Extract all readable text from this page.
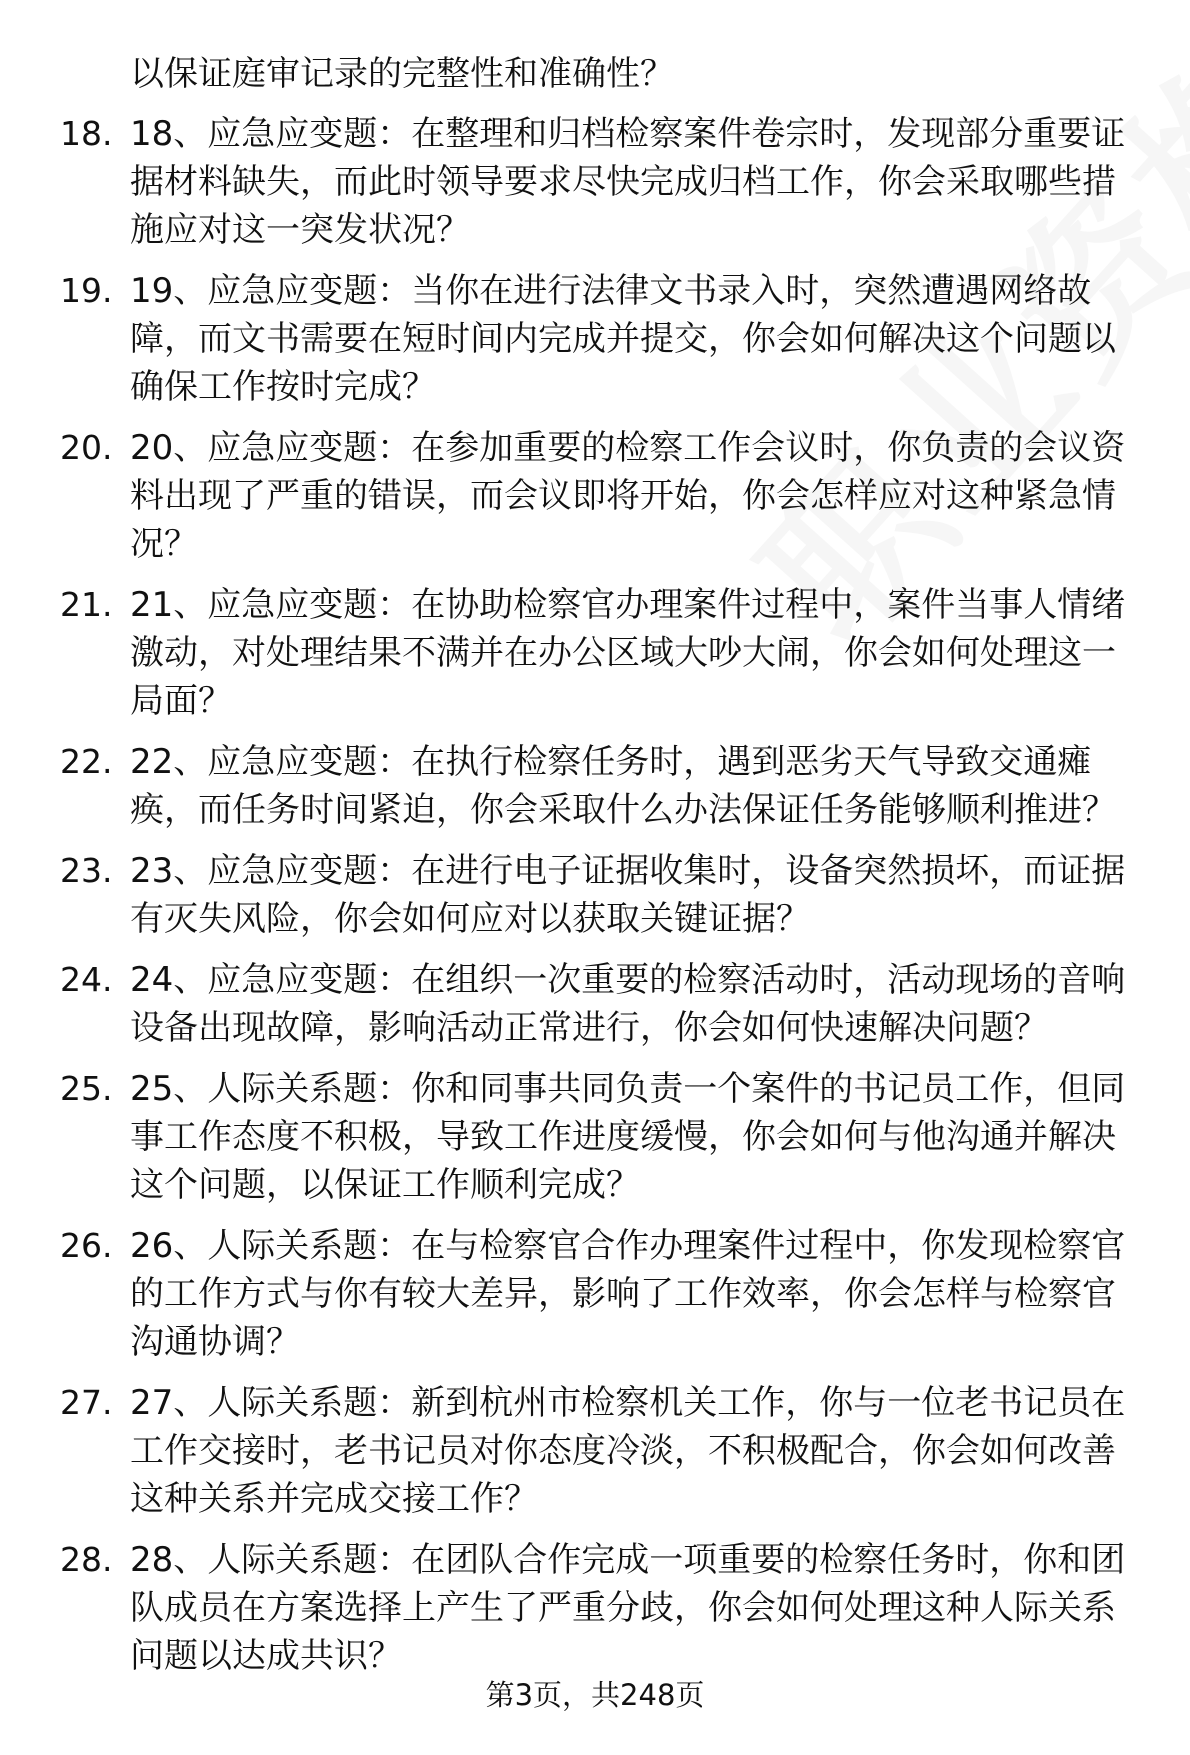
以保证庭审记录的完整性和准确性？
18. 18、应急应变题：在整理和归档检察案件卷宗时，发现部分重要证据材料缺失，而此时领导要求尽快完成归档工作，你会采取哪些措施应对这一突发状况？
19. 19、应急应变题：当你在进行法律文书录入时，突然遭遇网络故障，而文书需要在短时间内完成并提交，你会如何解决这个问题以确保工作按时完成？
20. 20、应急应变题：在参加重要的检察工作会议时，你负责的会议资料出现了严重的错误，而会议即将开始，你会怎样应对这种紧急情况？
21. 21、应急应变题：在协助检察官办理案件过程中，案件当事人情绪激动，对处理结果不满并在办公区域大吵大闹，你会如何处理这一局面？
22. 22、应急应变题：在执行检察任务时，遇到恶劣天气导致交通瘫痪，而任务时间紧迫，你会采取什么办法保证任务能够顺利推进？
23. 23、应急应变题：在进行电子证据收集时，设备突然损坏，而证据有灭失风险，你会如何应对以获取关键证据？
24. 24、应急应变题：在组织一次重要的检察活动时，活动现场的音响设备出现故障，影响活动正常进行，你会如何快速解决问题？
25. 25、人际关系题：你和同事共同负责一个案件的书记员工作，但同事工作态度不积极，导致工作进度缓慢，你会如何与他沟通并解决这个问题，以保证工作顺利完成？
26. 26、人际关系题：在与检察官合作办理案件过程中，你发现检察官的工作方式与你有较大差异，影响了工作效率，你会怎样与检察官沟通协调？
27. 27、人际关系题：新到杭州市检察机关工作，你与一位老书记员在工作交接时，老书记员对你态度冷淡，不积极配合，你会如何改善这种关系并完成交接工作？
28. 28、人际关系题：在团队合作完成一项重要的检察任务时，你和团队成员在方案选择上产生了严重分歧，你会如何处理这种人际关系问题以达成共识？
第3页，共248页
